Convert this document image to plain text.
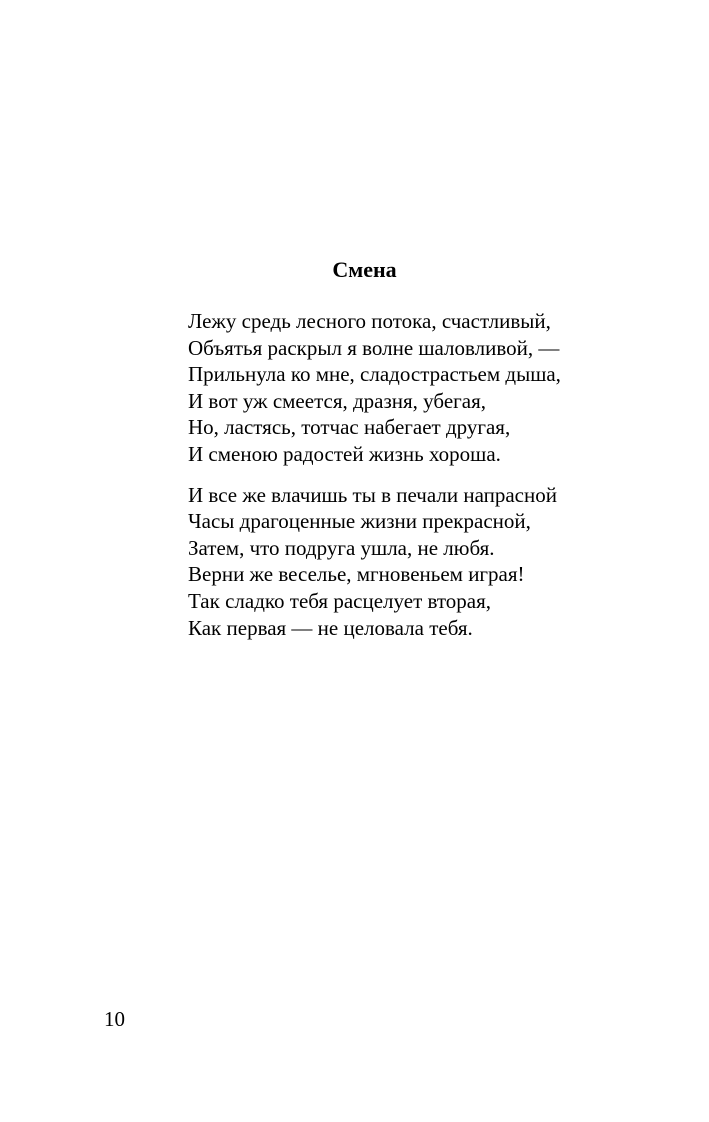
Смена
Лежу средь лесного потока, счастливый,
Объятья раскрыл я волне шаловливой, —
Прильнула ко мне, сладострастьем дыша,
И вот уж смеется, дразня, убегая,
Но, ластясь, тотчас набегает другая,
И сменою радостей жизнь хороша.
И все же влачишь ты в печали напрасной
Часы драгоценные жизни прекрасной,
Затем, что подруга ушла, не любя.
Верни же веселье, мгновеньем играя!
Так сладко тебя расцелует вторая,
Как первая — не целовала тебя.

10
